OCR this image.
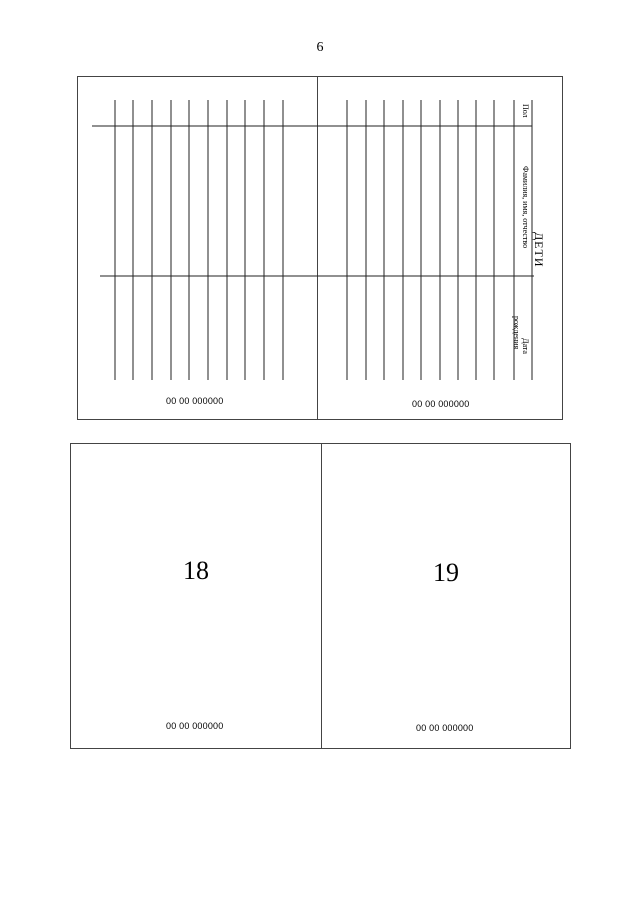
6
Пол
Фамилия, имя, отчество
ДЕТИ
Дата
рождения
00 00 000000	00 00 000000
18	19
00 00 000000	00 00 000000
